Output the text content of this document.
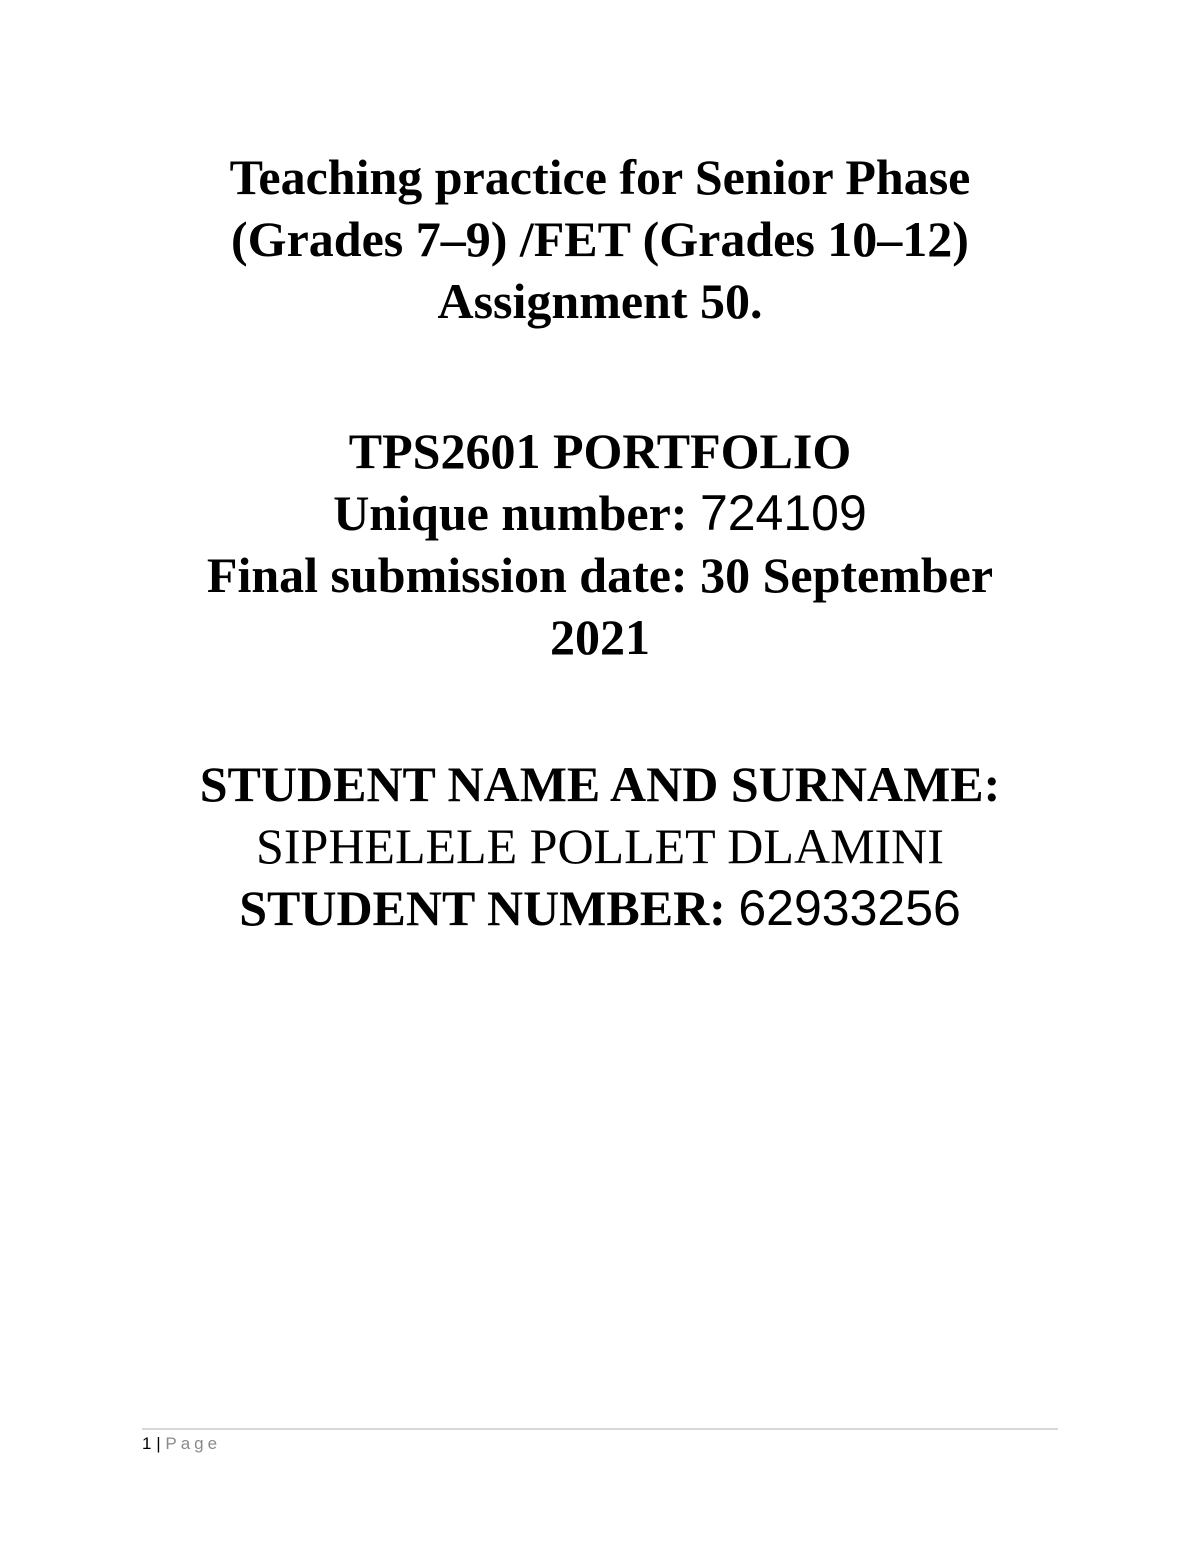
Teaching practice for Senior Phase
(Grades 7–9) /FET (Grades 10–12)
Assignment 50.
TPS2601 PORTFOLIO
Unique number: 724109
Final submission date: 30 September
2021
STUDENT NAME AND SURNAME:
SIPHELELE POLLET DLAMINI
STUDENT NUMBER: 62933256
1 | Page
